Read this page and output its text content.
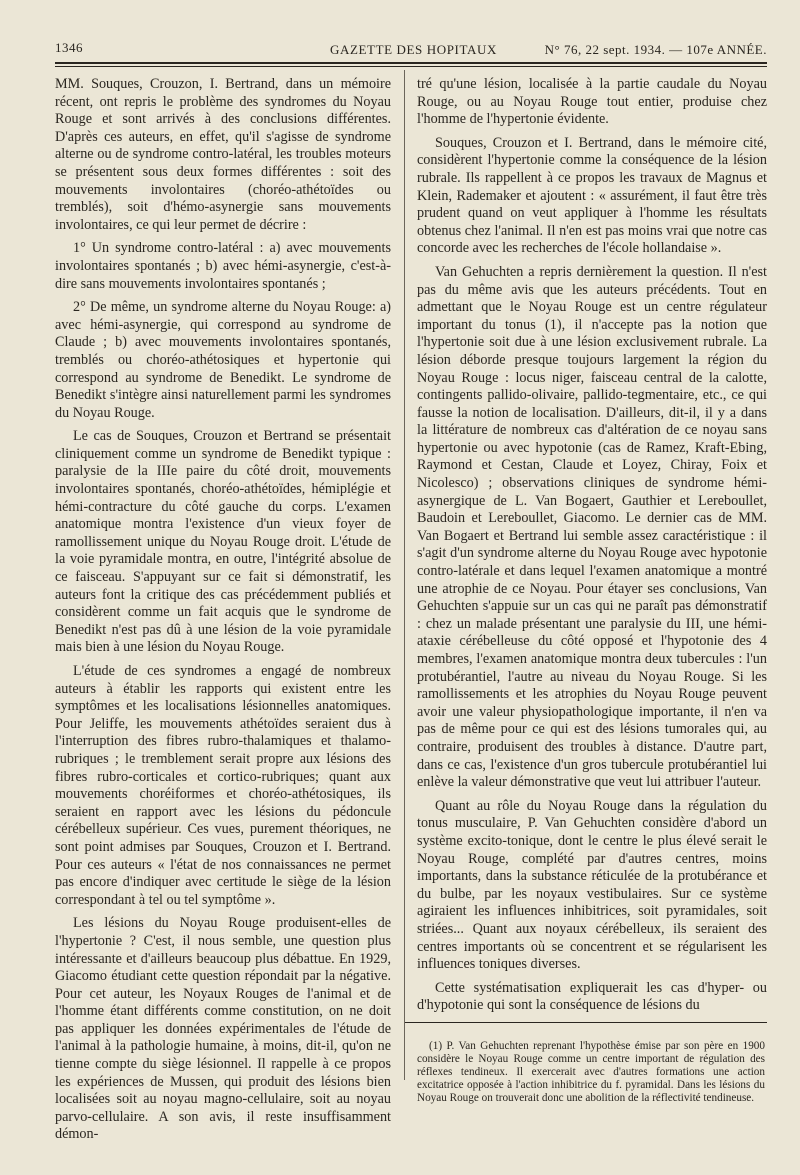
1346	GAZETTE DES HOPITAUX	N° 76, 22 sept. 1934. — 107e ANNÉE.

MM. Souques, Crouzon, I. Bertrand, dans un mémoire récent, ont repris le problème des syndromes du Noyau Rouge et sont arrivés à des conclusions différentes. D'après ces auteurs, en effet, qu'il s'agisse de syndrome alterne ou de syndrome contro-latéral, les troubles moteurs se présentent sous deux formes différentes : soit des mouvements involontaires (choréo-athétoïdes ou tremblés), soit d'hémo-asynergie sans mouvements involontaires, ce qui leur permet de décrire :

1° Un syndrome contro-latéral : a) avec mouvements involontaires spontanés ; b) avec hémi-asynergie, c'est-à-dire sans mouvements involontaires spontanés ;

2° De même, un syndrome alterne du Noyau Rouge: a) avec hémi-asynergie, qui correspond au syndrome de Claude ; b) avec mouvements involontaires spontanés, tremblés ou choréo-athétosiques et hypertonie qui correspond au syndrome de Benedikt. Le syndrome de Benedikt s'intègre ainsi naturellement parmi les syndromes du Noyau Rouge.

Le cas de Souques, Crouzon et Bertrand se présentait cliniquement comme un syndrome de Benedikt typique : paralysie de la IIIe paire du côté droit, mouvements involontaires spontanés, choréo-athétoïdes, hémiplégie et hémi-contracture du côté gauche du corps. L'examen anatomique montra l'existence d'un vieux foyer de ramollissement unique du Noyau Rouge droit. L'étude de la voie pyramidale montra, en outre, l'intégrité absolue de ce faisceau. S'appuyant sur ce fait si démonstratif, les auteurs font la critique des cas précédemment publiés et considèrent comme un fait acquis que le syndrome de Benedikt n'est pas dû à une lésion de la voie pyramidale mais bien à une lésion du Noyau Rouge.

L'étude de ces syndromes a engagé de nombreux auteurs à établir les rapports qui existent entre les symptômes et les localisations lésionnelles anatomiques. Pour Jeliffe, les mouvements athétoïdes seraient dus à l'interruption des fibres rubro-thalamiques et thalamo-rubriques ; le tremblement serait propre aux lésions des fibres rubro-corticales et cortico-rubriques; quant aux mouvements choréiformes et choréo-athétosiques, ils seraient en rapport avec les lésions du pédoncule cérébelleux supérieur. Ces vues, purement théoriques, ne sont point admises par Souques, Crouzon et I. Bertrand. Pour ces auteurs « l'état de nos connaissances ne permet pas encore d'indiquer avec certitude le siège de la lésion correspondant à tel ou tel symptôme ».

Les lésions du Noyau Rouge produisent-elles de l'hypertonie ? C'est, il nous semble, une question plus intéressante et d'ailleurs beaucoup plus débattue. En 1929, Giacomo étudiant cette question répondait par la négative. Pour cet auteur, les Noyaux Rouges de l'animal et de l'homme étant différents comme constitution, on ne doit pas appliquer les données expérimentales de l'étude de l'animal à la pathologie humaine, à moins, dit-il, qu'on ne tienne compte du siège lésionnel. Il rappelle à ce propos les expériences de Mussen, qui produit des lésions bien localisées soit au noyau magno-cellulaire, soit au noyau parvo-cellulaire. A son avis, il reste insuffisamment démon-

tré qu'une lésion, localisée à la partie caudale du Noyau Rouge, ou au Noyau Rouge tout entier, produise chez l'homme de l'hypertonie évidente.

Souques, Crouzon et I. Bertrand, dans le mémoire cité, considèrent l'hypertonie comme la conséquence de la lésion rubrale. Ils rappellent à ce propos les travaux de Magnus et Klein, Rademaker et ajoutent : « assurément, il faut être très prudent quand on veut appliquer à l'homme les résultats obtenus chez l'animal. Il n'en est pas moins vrai que notre cas concorde avec les recherches de l'école hollandaise ».

Van Gehuchten a repris dernièrement la question. Il n'est pas du même avis que les auteurs précédents. Tout en admettant que le Noyau Rouge est un centre régulateur important du tonus (1), il n'accepte pas la notion que l'hypertonie soit due à une lésion exclusivement rubrale. La lésion déborde presque toujours largement la région du Noyau Rouge : locus niger, faisceau central de la calotte, contingents pallido-olivaire, pallido-tegmentaire, etc., ce qui fausse la notion de localisation. D'ailleurs, dit-il, il y a dans la littérature de nombreux cas d'altération de ce noyau sans hypertonie ou avec hypotonie (cas de Ramez, Kraft-Ebing, Raymond et Cestan, Claude et Loyez, Chiray, Foix et Nicolesco) ; observations cliniques de syndrome hémi-asynergique de L. Van Bogaert, Gauthier et Lereboullet, Baudoin et Lereboullet, Giacomo. Le dernier cas de MM. Van Bogaert et Bertrand lui semble assez caractéristique : il s'agit d'un syndrome alterne du Noyau Rouge avec hypotonie contro-latérale et dans lequel l'examen anatomique a montré une atrophie de ce Noyau. Pour étayer ses conclusions, Van Gehuchten s'appuie sur un cas qui ne paraît pas démonstratif : chez un malade présentant une paralysie du III, une hémi-ataxie cérébelleuse du côté opposé et l'hypotonie des 4 membres, l'examen anatomique montra deux tubercules : l'un protubérantiel, l'autre au niveau du Noyau Rouge. Si les ramollissements et les atrophies du Noyau Rouge peuvent avoir une valeur physiopathologique importante, il n'en va pas de même pour ce qui est des lésions tumorales qui, au contraire, produisent des troubles à distance. D'autre part, dans ce cas, l'existence d'un gros tubercule protubérantiel lui enlève la valeur démonstrative que veut lui attribuer l'auteur.

Quant au rôle du Noyau Rouge dans la régulation du tonus musculaire, P. Van Gehuchten considère d'abord un système excito-tonique, dont le centre le plus élevé serait le Noyau Rouge, complété par d'autres centres, moins importants, dans la substance réticulée de la protubérance et du bulbe, par les noyaux vestibulaires. Sur ce système agiraient les influences inhibitrices, soit pyramidales, soit striées... Quant aux noyaux cérébelleux, ils seraient des centres importants où se concentrent et se régularisent les influences toniques diverses.

Cette systématisation expliquerait les cas d'hyper- ou d'hypotonie qui sont la conséquence de lésions du

(1) P. Van Gehuchten reprenant l'hypothèse émise par son père en 1900 considère le Noyau Rouge comme un centre important de régulation des réflexes tendineux. Il exercerait avec d'autres formations une action excitatrice opposée à l'action inhibitrice du f. pyramidal. Dans les lésions du Noyau Rouge on trouverait donc une abolition de la réflectivité tendineuse.
